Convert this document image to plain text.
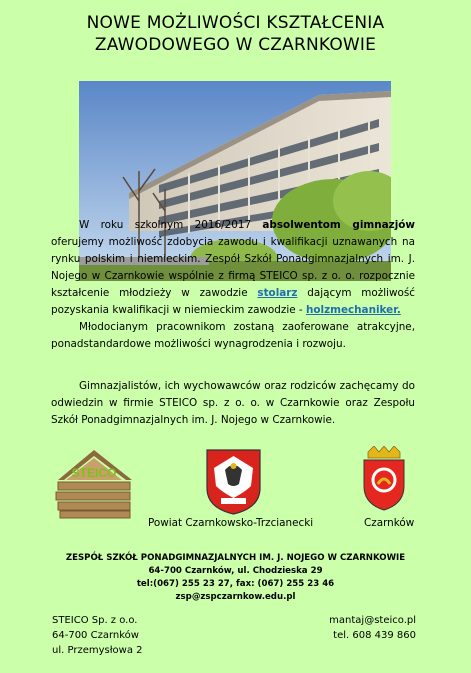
NOWE MOŻLIWOŚCI KSZTAŁCENIA
ZAWODOWEGO W CZARNKOWIE
W roku szkolnym 2016/2017 absolwentom gimnazjów oferujemy możliwość zdobycia zawodu i kwalifikacji uznawanych na rynku polskim i niemieckim. Zespół Szkół Ponadgimnazjalnych im. J. Nojego w Czarnkowie wspólnie z firmą STEICO sp. z o. o. rozpocznie kształcenie młodzieży w zawodzie stolarz dającym możliwość pozyskania kwalifikacji w niemieckim zawodzie - holzmechaniker.
Młodocianym pracownikom zostaną zaoferowane atrakcyjne, ponadstandardowe możliwości wynagrodzenia i rozwoju.
Gimnazjalistów, ich wychowawców oraz rodziców zachęcamy do odwiedzin w firmie STEICO sp. z o. o. w Czarnkowie oraz Zespołu Szkół Ponadgimnazjalnych im. J. Nojego w Czarnkowie.
STEICO
Powiat Czarnkowsko-Trzcianecki	Czarnków
ZESPÓŁ SZKÓŁ PONADGIMNAZJALNYCH IM. J. NOJEGO W CZARNKOWIE
64-700 Czarnków, ul. Chodzieska 29
tel:(067) 255 23 27, fax: (067) 255 23 46
zsp@zspczarnkow.edu.pl
STEICO Sp. z o.o.
64-700 Czarnków
ul. Przemysłowa 2
mantaj@steico.pl
tel. 608 439 860
